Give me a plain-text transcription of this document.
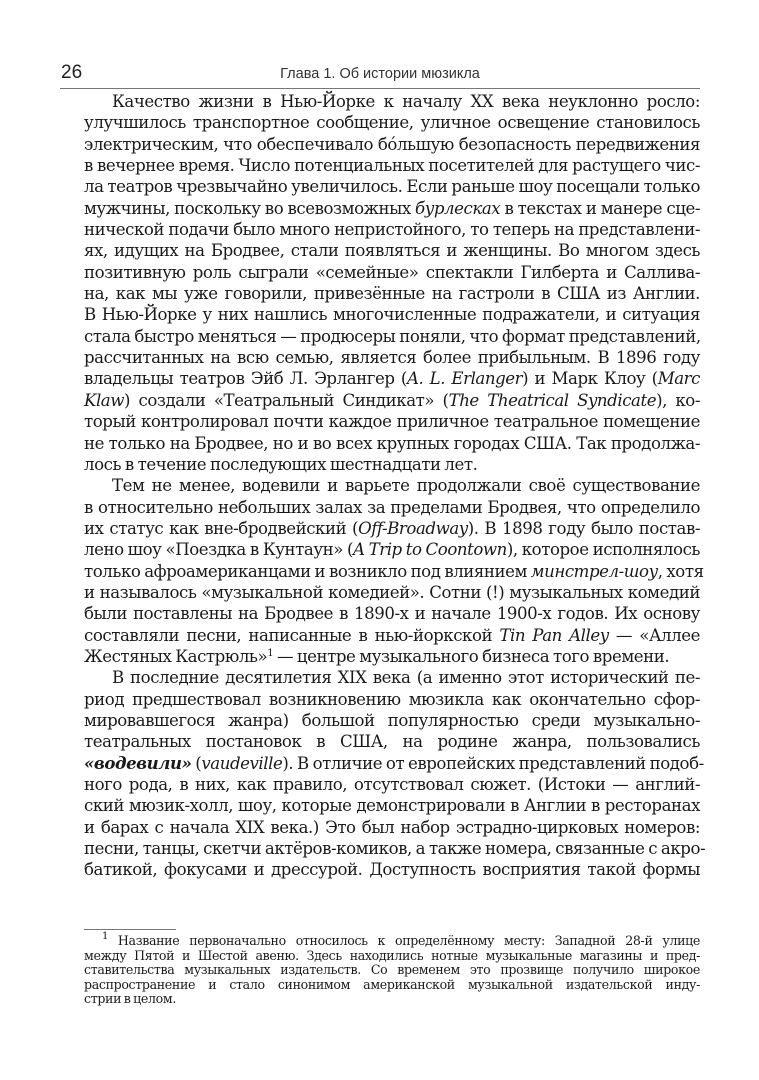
26	Глава 1. Об истории мюзикла
Качество жизни в Нью-Йорке к началу XX века неуклонно росло:
улучшилось транспортное сообщение, уличное освещение становилось
электрическим, что обеспечивало бóльшую безопасность передвижения
в вечернее время. Число потенциальных посетителей для растущего чис-
ла театров чрезвычайно увеличилось. Если раньше шоу посещали только
мужчины, поскольку во всевозможных бурлесках в текстах и манере сце-
нической подачи было много непристойного, то теперь на представлени-
ях, идущих на Бродвее, стали появляться и женщины. Во многом здесь
позитивную роль сыграли «семейные» спектакли Гилберта и Саллива-
на, как мы уже говорили, привезённые на гастроли в США из Англии.
В Нью-Йорке у них нашлись многочисленные подражатели, и ситуация
стала быстро меняться — продюсеры поняли, что формат представлений,
рассчитанных на всю семью, является более прибыльным. В 1896 году
владельцы театров Эйб Л. Эрлангер (A. L. Erlanger) и Марк Клоу (Marc
Klaw) создали «Театральный Синдикат» (The Theatrical Syndicate), ко-
торый контролировал почти каждое приличное театральное помещение
не только на Бродвее, но и во всех крупных городах США. Так продолжа-
лось в течение последующих шестнадцати лет.
Тем не менее, водевили и варьете продолжали своё существование
в относительно небольших залах за пределами Бродвея, что определило
их статус как вне-бродвейский (Off-Broadway). В 1898 году было постав-
лено шоу «Поездка в Кунтаун» (A Trip to Coontown), которое исполнялось
только афроамериканцами и возникло под влиянием минстрел-шоу, хотя
и называлось «музыкальной комедией». Сотни (!) музыкальных комедий
были поставлены на Бродвее в 1890-х и начале 1900-х годов. Их основу
составляли песни, написанные в нью-йоркской Tin Pan Alley — «Аллее
Жестяных Кастрюль»$^1$ — центре музыкального бизнеса того времени.
В последние десятилетия XIX века (а именно этот исторический пе-
риод предшествовал возникновению мюзикла как окончательно сфор-
мировавшегося жанра) большой популярностью среди музыкально-
театральных постановок в США, на родине жанра, пользовались
«водевили» (vaudeville). В отличие от европейских представлений подоб-
ного рода, в них, как правило, отсутствовал сюжет. (Истоки — англий-
ский мюзик-холл, шоу, которые демонстрировали в Англии в ресторанах
и барах с начала XIX века.) Это был набор эстрадно-цирковых номеров:
песни, танцы, скетчи актёров-комиков, а также номера, связанные с акро-
батикой, фокусами и дрессурой. Доступность восприятия такой формы
$^1$ Название первоначально относилось к определённому месту: Западной 28-й улице
между Пятой и Шестой авеню. Здесь находились нотные музыкальные магазины и пред-
ставительства музыкальных издательств. Со временем это прозвище получило широкое
распространение и стало синонимом американской музыкальной издательской инду-
стрии в целом.
